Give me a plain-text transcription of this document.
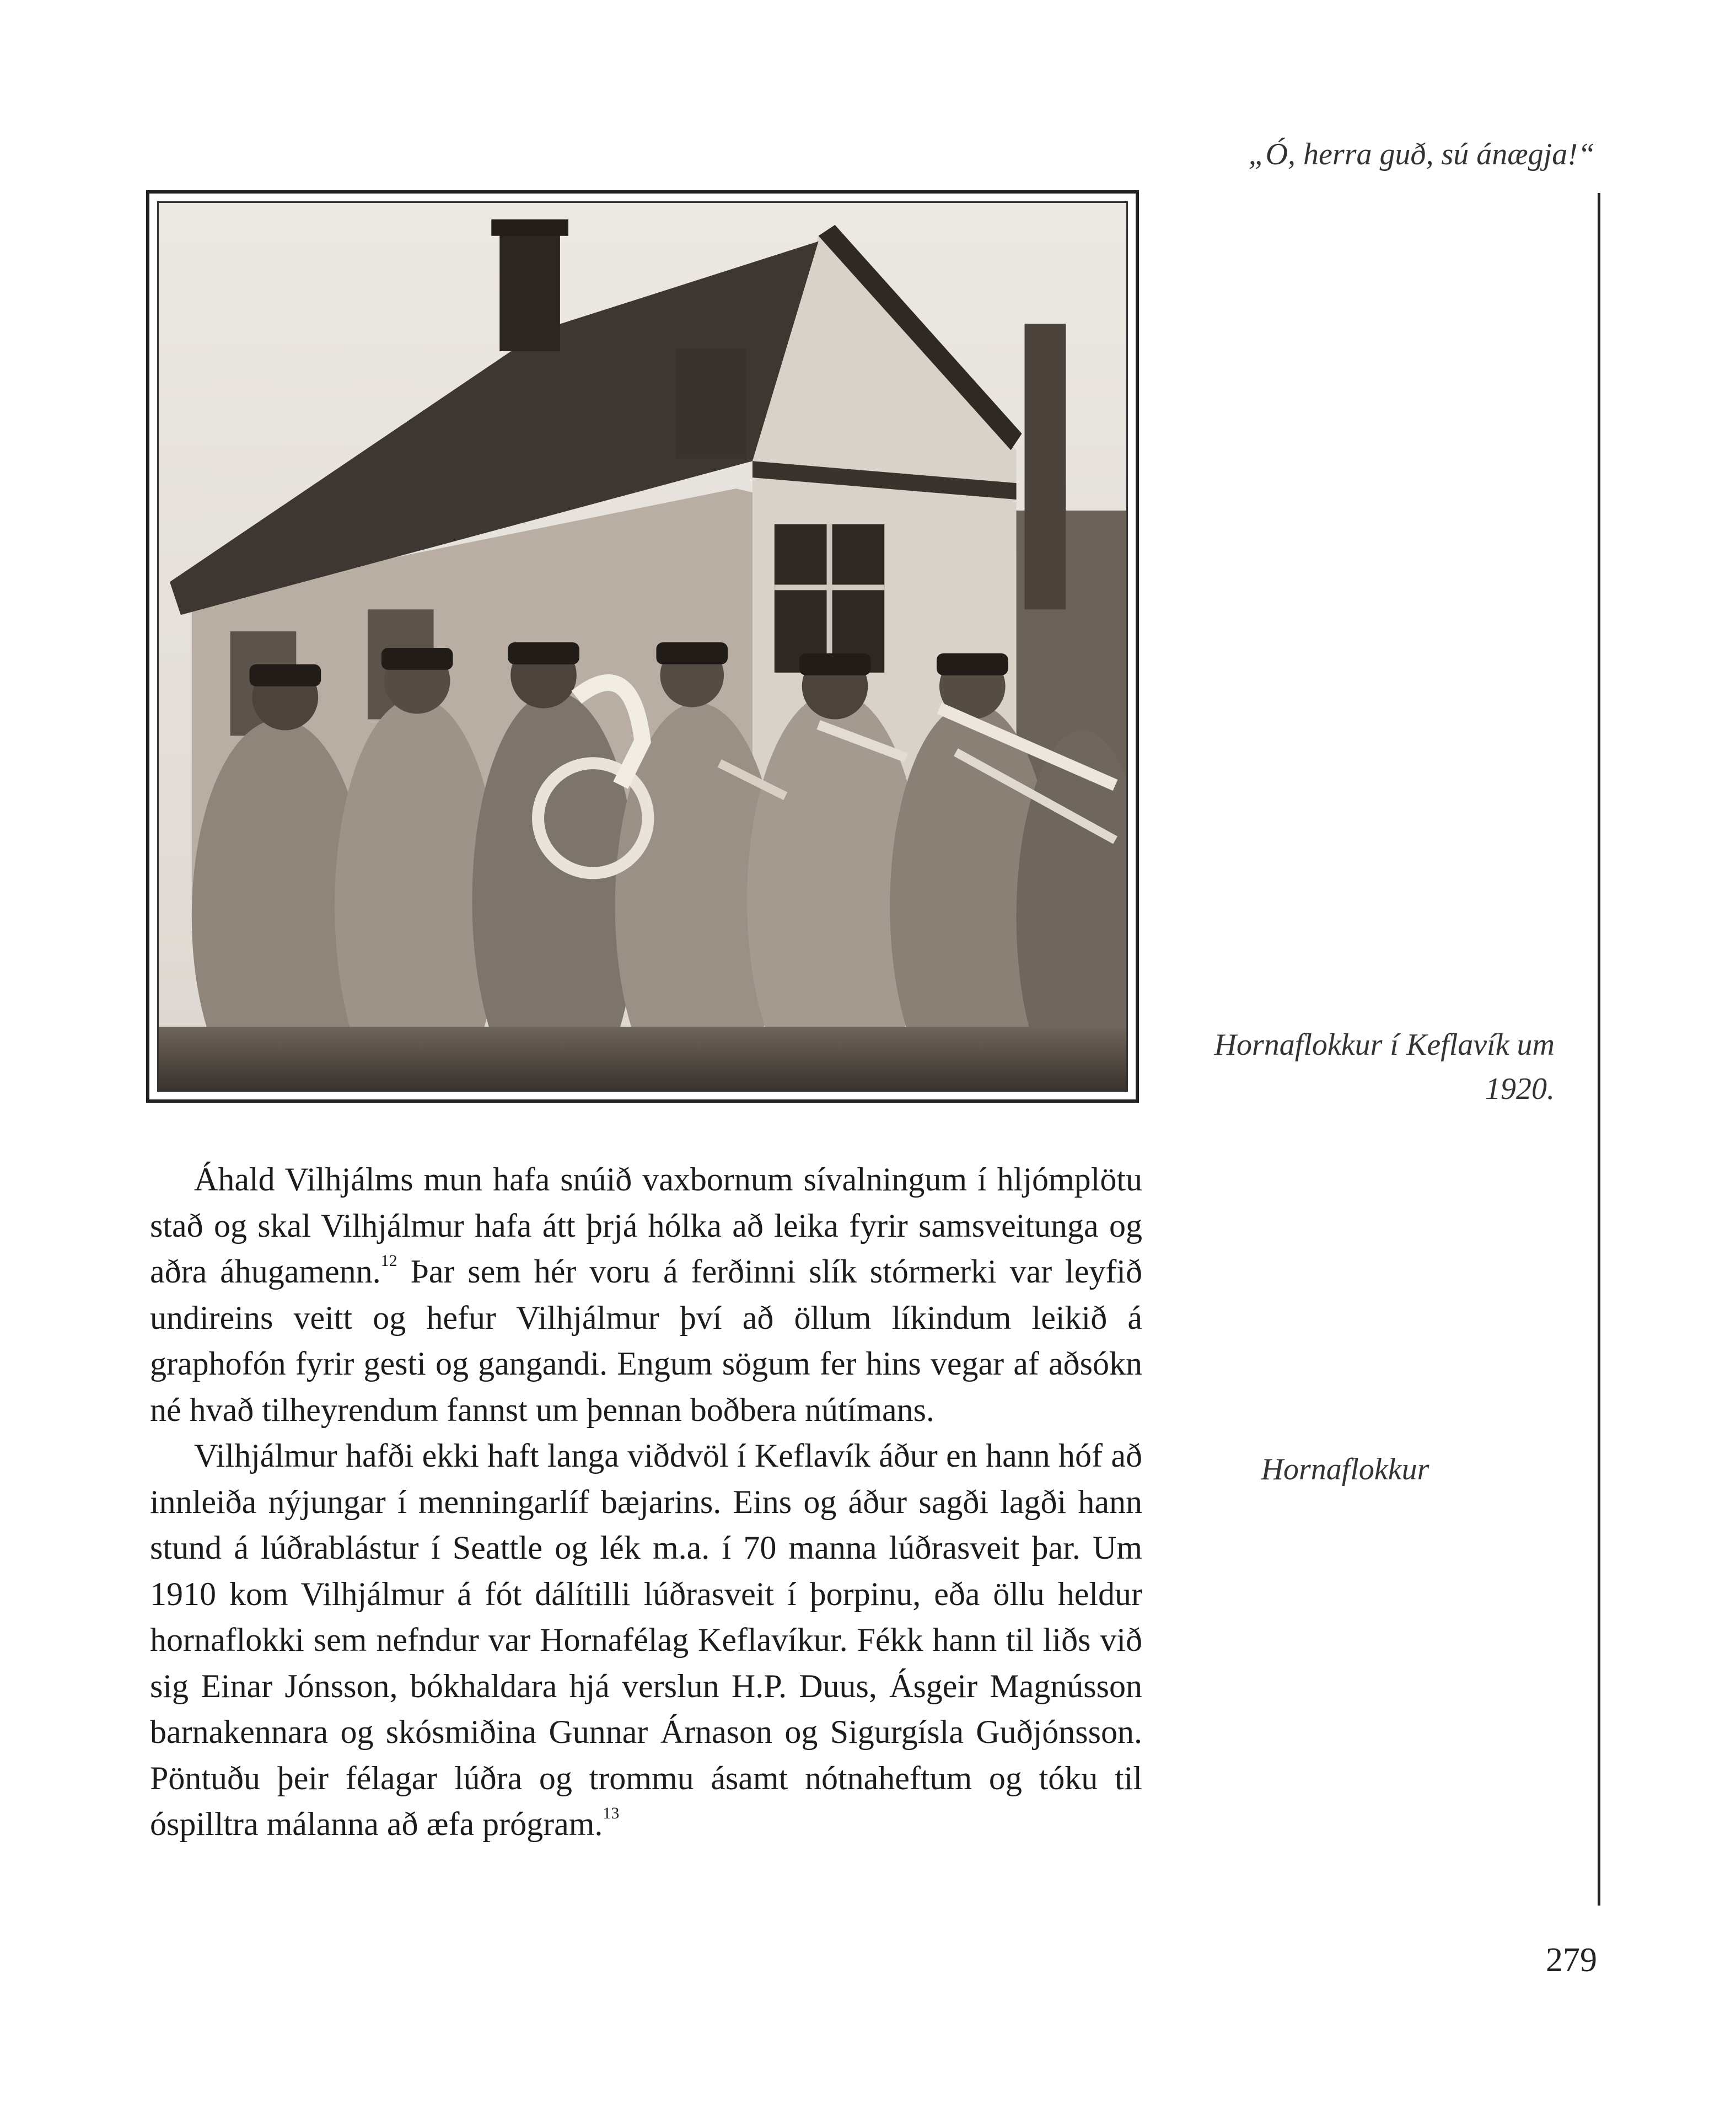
„Ó, herra guð, sú ánægja!“
Hornaflokkur í Keflavík um 1920.

Áhald Vilhjálms mun hafa snúið vaxbornum sívalningum í hljómplötu stað og skal Vilhjálmur hafa átt þrjá hólka að leika fyrir samsveitunga og aðra áhugamenn.$^{12}$ Þar sem hér voru á ferðinni slík stórmerki var leyfið undireins veitt og hefur Vilhjálmur því að öllum líkindum leikið á graphofón fyrir gesti og gangandi. Engum sögum fer hins vegar af aðsókn né hvað tilheyrendum fannst um þennan boðbera nútímans.

Vilhjálmur hafði ekki haft langa viðdvöl í Keflavík áður en hann hóf að innleiða nýjungar í menningarlíf bæjarins. Eins og áður sagði lagði hann stund á lúðrablástur í Seattle og lék m.a. í 70 manna lúðrasveit þar. Um 1910 kom Vilhjálmur á fót dálítilli lúðrasveit í þorpinu, eða öllu heldur hornaflokki sem nefndur var Hornafélag Keflavíkur. Fékk hann til liðs við sig Einar Jónsson, bókhaldara hjá verslun H.P. Duus, Ásgeir Magnússon barnakennara og skósmiðina Gunnar Árnason og Sigurgísla Guðjónsson. Pöntuðu þeir félagar lúðra og trommu ásamt nótnaheftum og tóku til óspilltra málanna að æfa prógram.$^{13}$

Hornaflokkur
279
